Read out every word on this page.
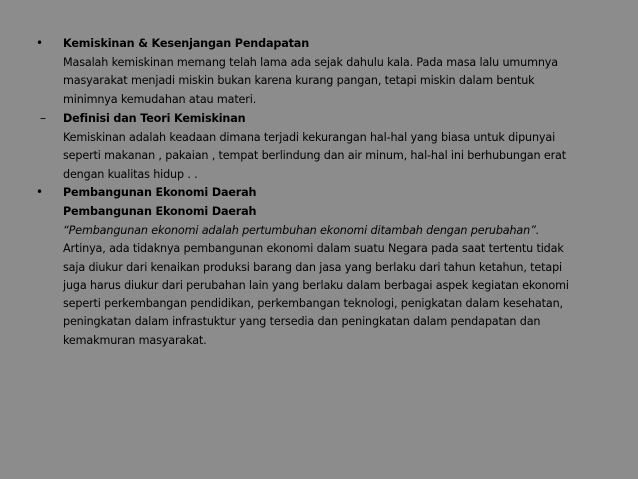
•	Kemiskinan & Kesenjangan Pendapatan
Masalah kemiskinan memang telah lama ada sejak dahulu kala. Pada masa lalu umumnya
masyarakat menjadi miskin bukan karena kurang pangan, tetapi miskin dalam bentuk
minimnya kemudahan atau materi.
–	Definisi dan Teori Kemiskinan
Kemiskinan adalah keadaan dimana terjadi kekurangan hal-hal yang biasa untuk dipunyai
seperti makanan , pakaian , tempat berlindung dan air minum, hal-hal ini berhubungan erat
dengan kualitas hidup . .
•	Pembangunan Ekonomi Daerah
Pembangunan Ekonomi Daerah
“Pembangunan ekonomi adalah pertumbuhan ekonomi ditambah dengan perubahan”.
Artinya, ada tidaknya pembangunan ekonomi dalam suatu Negara pada saat tertentu tidak
saja diukur dari kenaikan produksi barang dan jasa yang berlaku dari tahun ketahun, tetapi
juga harus diukur dari perubahan lain yang berlaku dalam berbagai aspek kegiatan ekonomi
seperti perkembangan pendidikan, perkembangan teknologi, penigkatan dalam kesehatan,
peningkatan dalam infrastuktur yang tersedia dan peningkatan dalam pendapatan dan
kemakmuran masyarakat.
